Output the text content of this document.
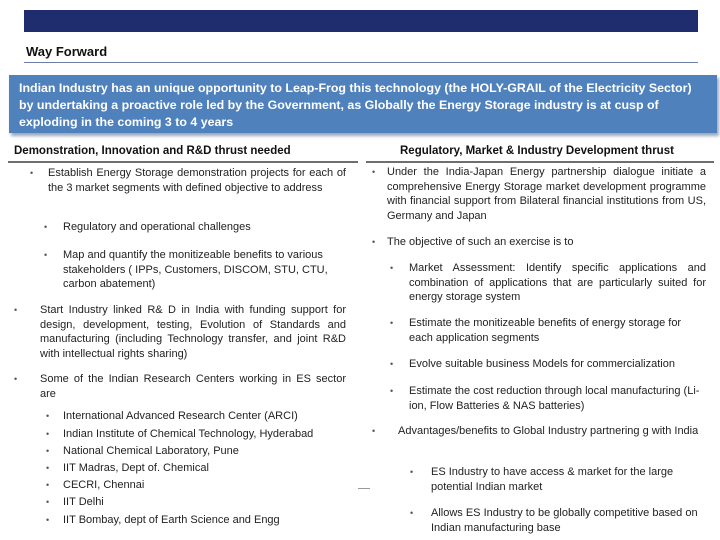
Way Forward
Indian Industry has an unique opportunity to Leap-Frog this technology (the HOLY-GRAIL of the Electricity Sector) by undertaking a proactive role led by the Government, as Globally the Energy Storage industry is at cusp of exploding in the coming 3 to 4 years
Demonstration, Innovation and R&D thrust needed	Regulatory, Market & Industry Development thrust
•	Establish Energy Storage demonstration projects for each of the 3 market segments with defined objective to address
•	Regulatory and operational challenges
•	Map and quantify the monitizeable benefits to various stakeholders ( IPPs, Customers, DISCOM, STU, CTU, carbon abatement)
•	Start Industry linked R& D in India with funding support for design, development, testing, Evolution of Standards and manufacturing (including Technology transfer, and joint R&D with intellectual rights sharing)
•	Some of the Indian Research Centers working in ES sector are
•	International Advanced Research Center (ARCI)
•	Indian Institute of Chemical Technology, Hyderabad
•	National Chemical Laboratory, Pune
•	IIT Madras, Dept of. Chemical
•	CECRI, Chennai
•	IIT Delhi
•	IIT Bombay, dept of Earth Science and Engg
•	Under the India-Japan Energy partnership dialogue initiate a comprehensive Energy Storage market development programme with financial support from Bilateral financial institutions from US, Germany and Japan
•	The objective of such an exercise is to
•	Market Assessment: Identify specific applications and combination of applications that are particularly suited for energy storage system
•	Estimate the monitizeable benefits of energy storage for each application segments
•	Evolve suitable business Models for commercialization
•	Estimate the cost reduction through local manufacturing (Li-ion, Flow Batteries & NAS batteries)
•	Advantages/benefits to Global Industry partnering g with India
•	ES Industry to have access & market for the large potential Indian market
•	Allows ES Industry to be globally competitive based on Indian manufacturing base
